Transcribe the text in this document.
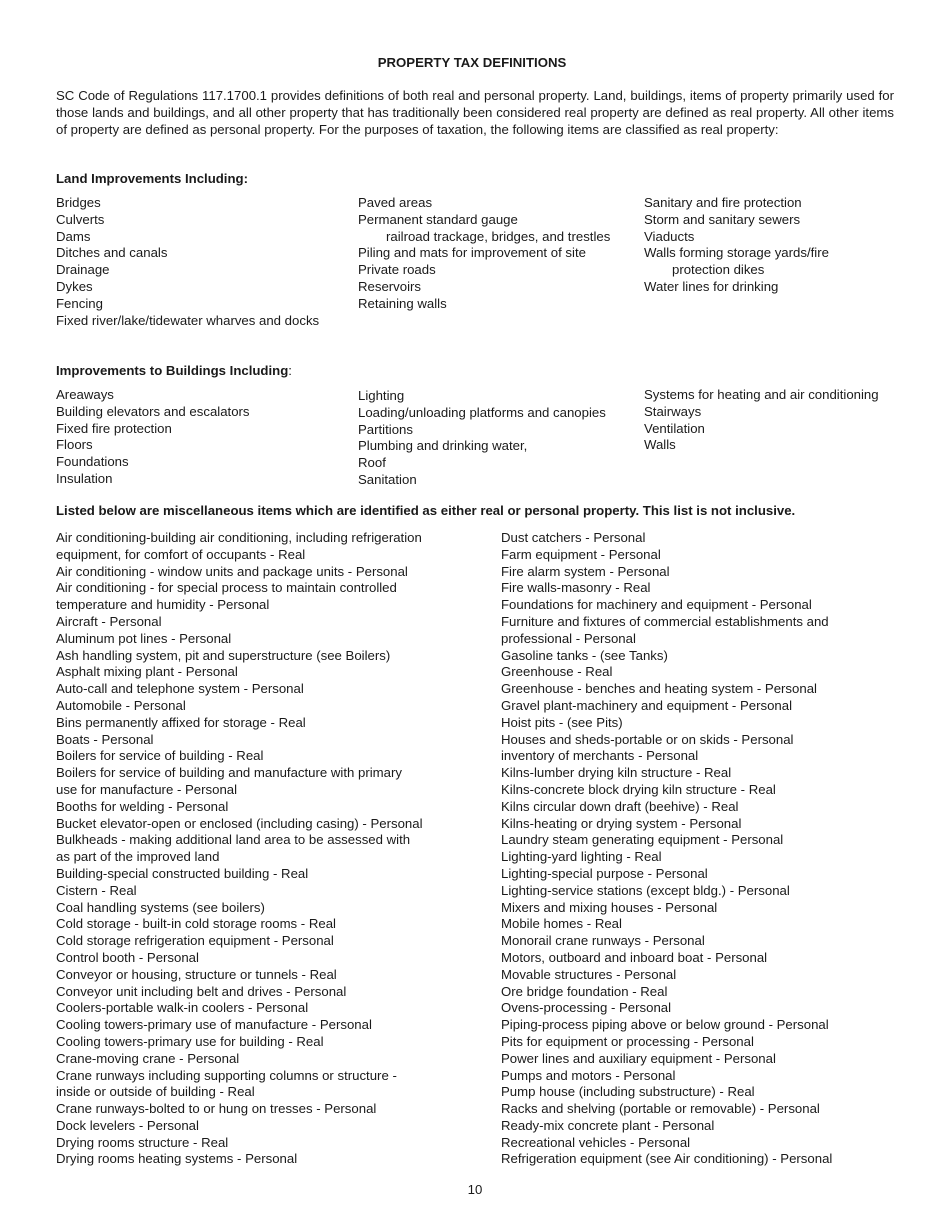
PROPERTY TAX DEFINITIONS
SC Code of Regulations 117.1700.1 provides definitions of both real and personal property. Land, buildings, items of property primarily used for those lands and buildings, and all other property that has traditionally been considered real property are defined as real property. All other items of property are defined as personal property. For the purposes of taxation, the following items are classified as real property:
Land Improvements Including:
Bridges
Culverts
Dams
Ditches and canals
Drainage
Dykes
Fencing
Fixed river/lake/tidewater wharves and docks
Paved areas
Permanent standard gauge
railroad trackage, bridges, and trestles
Piling and mats for improvement of site
Private roads
Reservoirs
Retaining walls
Sanitary and fire protection
Storm and sanitary sewers
Viaducts
Walls forming storage yards/fire
protection dikes
Water lines for drinking
Improvements to Buildings Including:
Areaways
Building elevators and escalators
Fixed fire protection
Floors
Foundations
Insulation
Lighting
Loading/unloading platforms and canopies
Partitions
Plumbing and drinking water,
Roof
Sanitation
Systems for heating and air conditioning
Stairways
Ventilation
Walls
Listed below are miscellaneous items which are identified as either real or personal property. This list is not inclusive.
Air conditioning-building air conditioning, including refrigeration
equipment, for comfort of occupants - Real
Air conditioning - window units and package units - Personal
Air conditioning - for special process to maintain controlled
temperature and humidity - Personal
Aircraft - Personal
Aluminum pot lines - Personal
Ash handling system, pit and superstructure (see Boilers)
Asphalt mixing plant - Personal
Auto-call and telephone system - Personal
Automobile - Personal
Bins permanently affixed for storage - Real
Boats - Personal
Boilers for service of building - Real
Boilers for service of building and manufacture with primary
use for manufacture - Personal
Booths for welding - Personal
Bucket elevator-open or enclosed (including casing) - Personal
Bulkheads - making additional land area to be assessed with
as part of the improved land
Building-special constructed building - Real
Cistern - Real
Coal handling systems (see boilers)
Cold storage - built-in cold storage rooms - Real
Cold storage refrigeration equipment - Personal
Control booth - Personal
Conveyor or housing, structure or tunnels - Real
Conveyor unit including belt and drives - Personal
Coolers-portable walk-in coolers - Personal
Cooling towers-primary use of manufacture - Personal
Cooling towers-primary use for building - Real
Crane-moving crane - Personal
Crane runways including supporting columns or structure -
inside or outside of building - Real
Crane runways-bolted to or hung on tresses - Personal
Dock levelers - Personal
Drying rooms structure - Real
Drying rooms heating systems - Personal
Dust catchers - Personal
Farm equipment - Personal
Fire alarm system - Personal
Fire walls-masonry - Real
Foundations for machinery and equipment - Personal
Furniture and fixtures of commercial establishments and
professional - Personal
Gasoline tanks - (see Tanks)
Greenhouse - Real
Greenhouse - benches and heating system - Personal
Gravel plant-machinery and equipment - Personal
Hoist pits - (see Pits)
Houses and sheds-portable or on skids - Personal
inventory of merchants - Personal
Kilns-lumber drying kiln structure - Real
Kilns-concrete block drying kiln structure - Real
Kilns circular down draft (beehive) - Real
Kilns-heating or drying system - Personal
Laundry steam generating equipment - Personal
Lighting-yard lighting - Real
Lighting-special purpose - Personal
Lighting-service stations (except bldg.) - Personal
Mixers and mixing houses - Personal
Mobile homes - Real
Monorail crane runways - Personal
Motors, outboard and inboard boat - Personal
Movable structures - Personal
Ore bridge foundation - Real
Ovens-processing - Personal
Piping-process piping above or below ground - Personal
Pits for equipment or processing - Personal
Power lines and auxiliary equipment - Personal
Pumps and motors - Personal
Pump house (including substructure) - Real
Racks and shelving (portable or removable) - Personal
Ready-mix concrete plant - Personal
Recreational vehicles - Personal
Refrigeration equipment (see Air conditioning) - Personal
10
